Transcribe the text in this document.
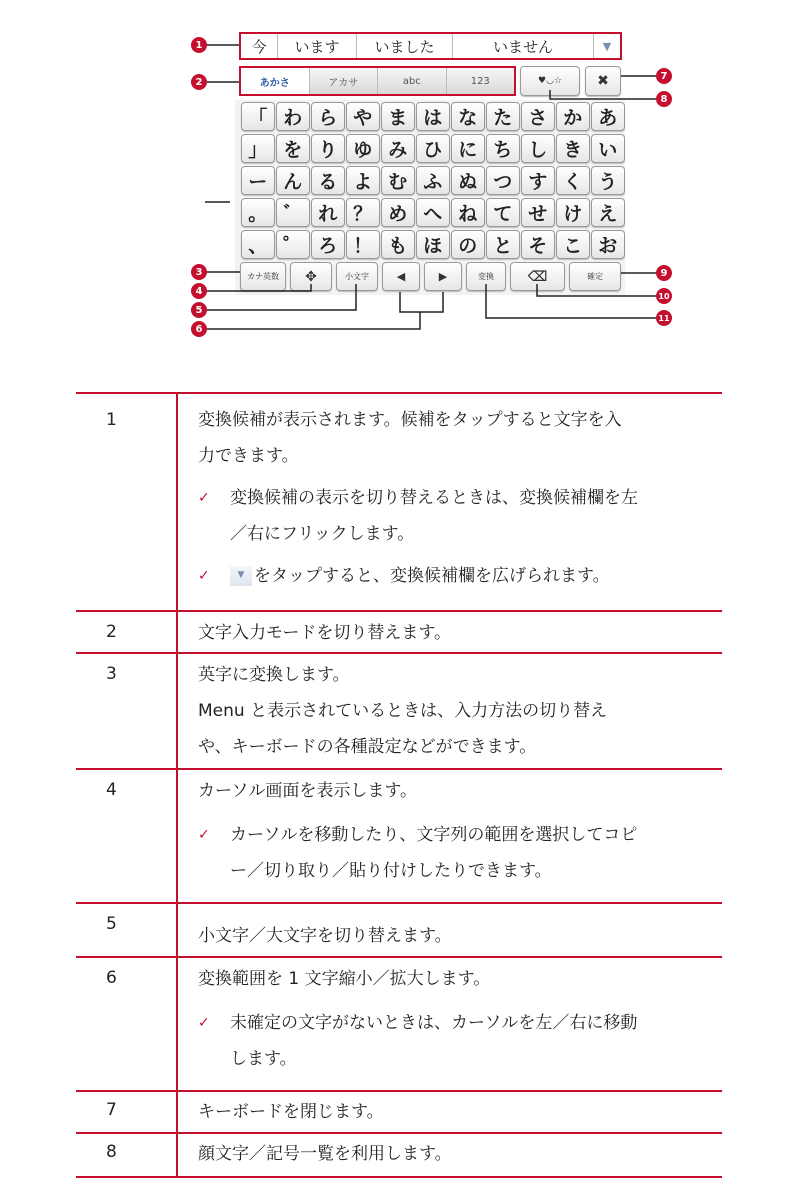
今	います	いました	いません	▼
あかさ	アカサ	abc	123	♥︎◡☆	✖
「 わ ら や ま は な た さ か あ
」 を り ゆ み ひ に ち し き い
ー ん る よ む ふ ぬ つ す く う
。 ゛ れ ？ め へ ね て せ け え
、 ゜ ろ ！ も ほ の と そ こ お
カナ英数	✥	小文字	◀	▶	変換	⌫	確定
1
2
3
4
5
6
7
8
9
10
11
1	変換候補が表示されます。候補をタップすると文字を入
力できます。
✓ 変換候補の表示を切り替えるときは、変換候補欄を左
／右にフリックします。
✓	▼ をタップすると、変換候補欄を広げられます。
2	文字入力モードを切り替えます。
3	英字に変換します。
Menu と表示されているときは、入力方法の切り替え
や、キーボードの各種設定などができます。
4	カーソル画面を表示します。
✓ カーソルを移動したり、文字列の範囲を選択してコピ
ー／切り取り／貼り付けしたりできます。
5
小文字／大文字を切り替えます。
6	変換範囲を 1 文字縮小／拡大します。
✓ 未確定の文字がないときは、カーソルを左／右に移動
します。
7	キーボードを閉じます。
8	顔文字／記号一覧を利用します。
